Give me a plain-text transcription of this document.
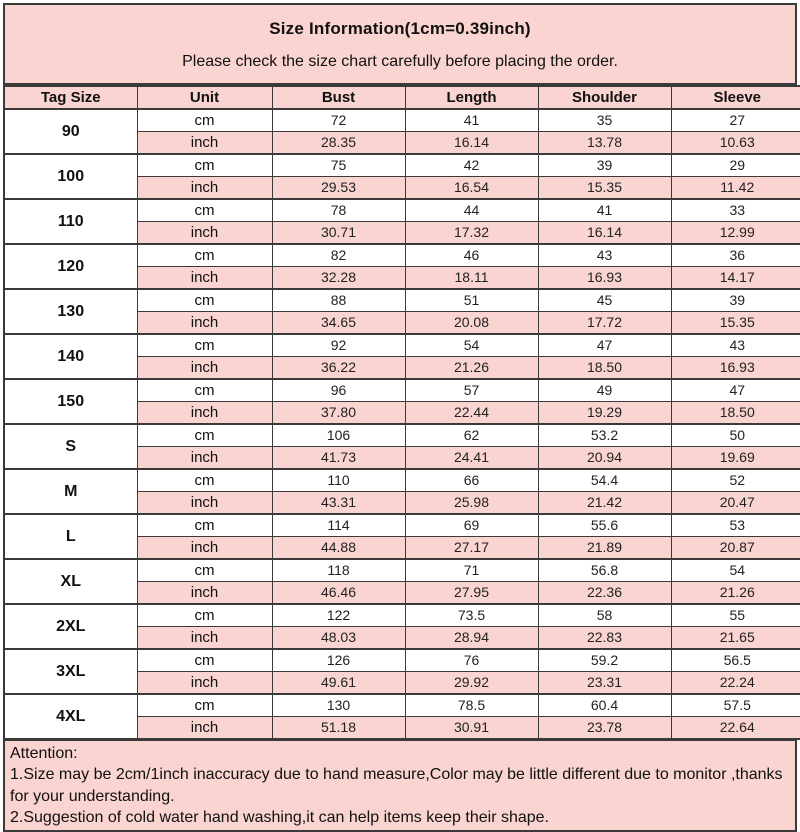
Size Information(1cm=0.39inch)
Please check the size chart carefully before placing the order.
Tag Size	Unit	Bust	Length	Shoulder	Sleeve
90	cm	72	41	35	27
	inch	28.35	16.14	13.78	10.63
100	cm	75	42	39	29
	inch	29.53	16.54	15.35	11.42
110	cm	78	44	41	33
	inch	30.71	17.32	16.14	12.99
120	cm	82	46	43	36
	inch	32.28	18.11	16.93	14.17
130	cm	88	51	45	39
	inch	34.65	20.08	17.72	15.35
140	cm	92	54	47	43
	inch	36.22	21.26	18.50	16.93
150	cm	96	57	49	47
	inch	37.80	22.44	19.29	18.50
S	cm	106	62	53.2	50
	inch	41.73	24.41	20.94	19.69
M	cm	110	66	54.4	52
	inch	43.31	25.98	21.42	20.47
L	cm	114	69	55.6	53
	inch	44.88	27.17	21.89	20.87
XL	cm	118	71	56.8	54
	inch	46.46	27.95	22.36	21.26
2XL	cm	122	73.5	58	55
	inch	48.03	28.94	22.83	21.65
3XL	cm	126	76	59.2	56.5
	inch	49.61	29.92	23.31	22.24
4XL	cm	130	78.5	60.4	57.5
	inch	51.18	30.91	23.78	22.64
Attention:
1.Size may be 2cm/1inch inaccuracy due to hand measure,Color may be little different due to monitor ,thanks for your understanding.
2.Suggestion of cold water hand washing,it can help items keep their shape.
